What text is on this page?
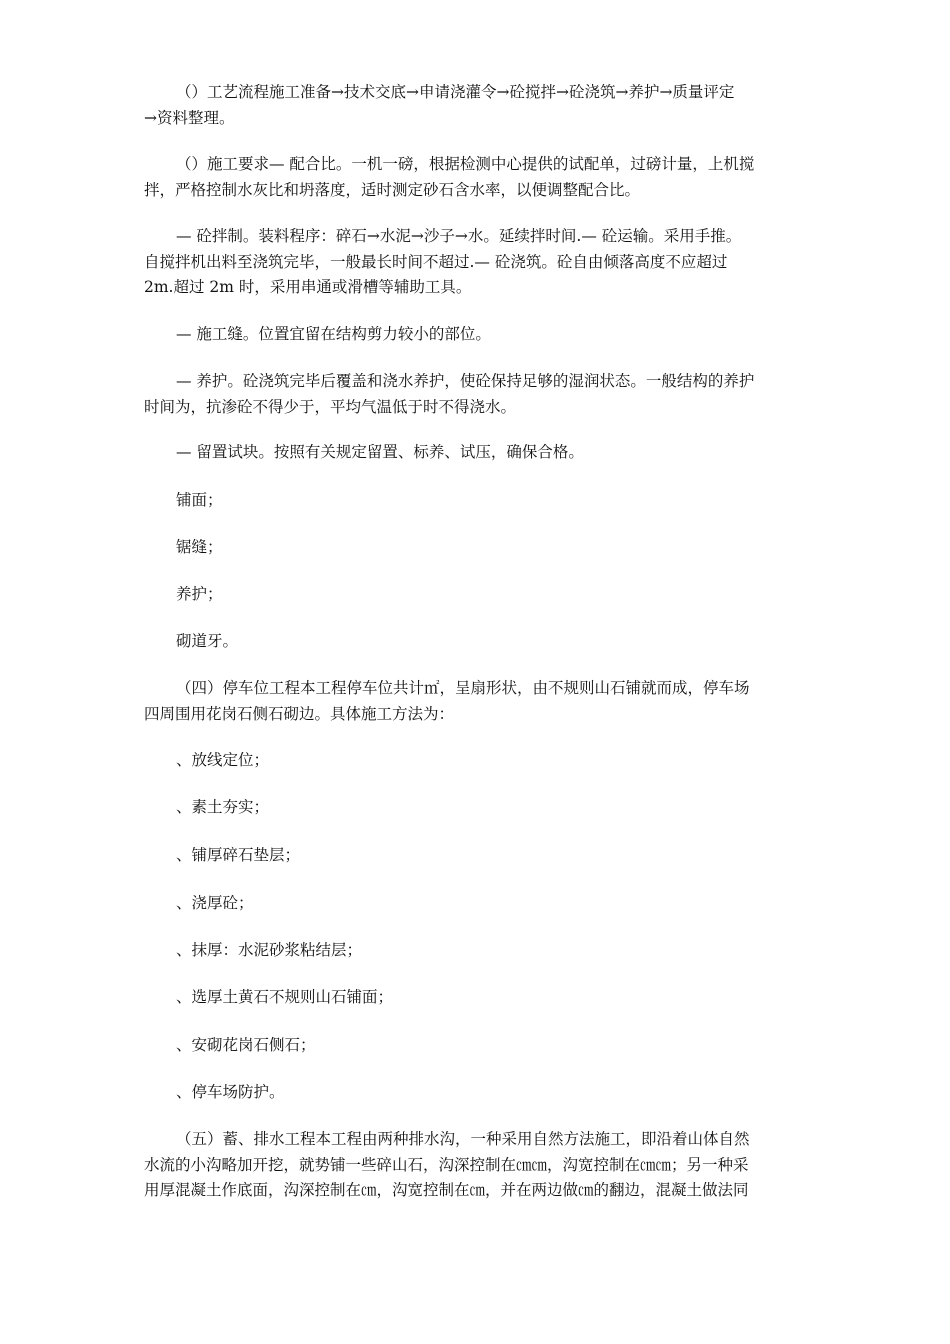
（）工艺流程施工准备→技术交底→申请浇灌令→砼搅拌→砼浇筑→养护→质量评定
→资料整理。
（）施工要求— 配合比。一机一磅，根据检测中心提供的试配单，过磅计量，上机搅
拌，严格控制水灰比和坍落度，适时测定砂石含水率，以便调整配合比。
— 砼拌制。装料程序：碎石→水泥→沙子→水。延续拌时间.— 砼运输。采用手推。
自搅拌机出料至浇筑完毕，一般最长时间不超过.— 砼浇筑。砼自由倾落高度不应超过
2m.超过 2m 时，采用串通或滑槽等辅助工具。
— 施工缝。位置宜留在结构剪力较小的部位。
— 养护。砼浇筑完毕后覆盖和浇水养护，使砼保持足够的湿润状态。一般结构的养护
时间为，抗渗砼不得少于，平均气温低于时不得浇水。
— 留置试块。按照有关规定留置、标养、试压，确保合格。
铺面；
锯缝；
养护；
砌道牙。
（四）停车位工程本工程停车位共计㎡，呈扇形状，由不规则山石铺就而成，停车场
四周围用花岗石侧石砌边。具体施工方法为：
、放线定位；
、素土夯实；
、铺厚碎石垫层；
、浇厚砼；
、抹厚：水泥砂浆粘结层；
、选厚土黄石不规则山石铺面；
、安砌花岗石侧石；
、停车场防护。
（五）蓄、排水工程本工程由两种排水沟，一种采用自然方法施工，即沿着山体自然
水流的小沟略加开挖，就势铺一些碎山石，沟深控制在㎝㎝，沟宽控制在㎝㎝；另一种采
用厚混凝土作底面，沟深控制在㎝，沟宽控制在㎝，并在两边做㎝的翻边，混凝土做法同
